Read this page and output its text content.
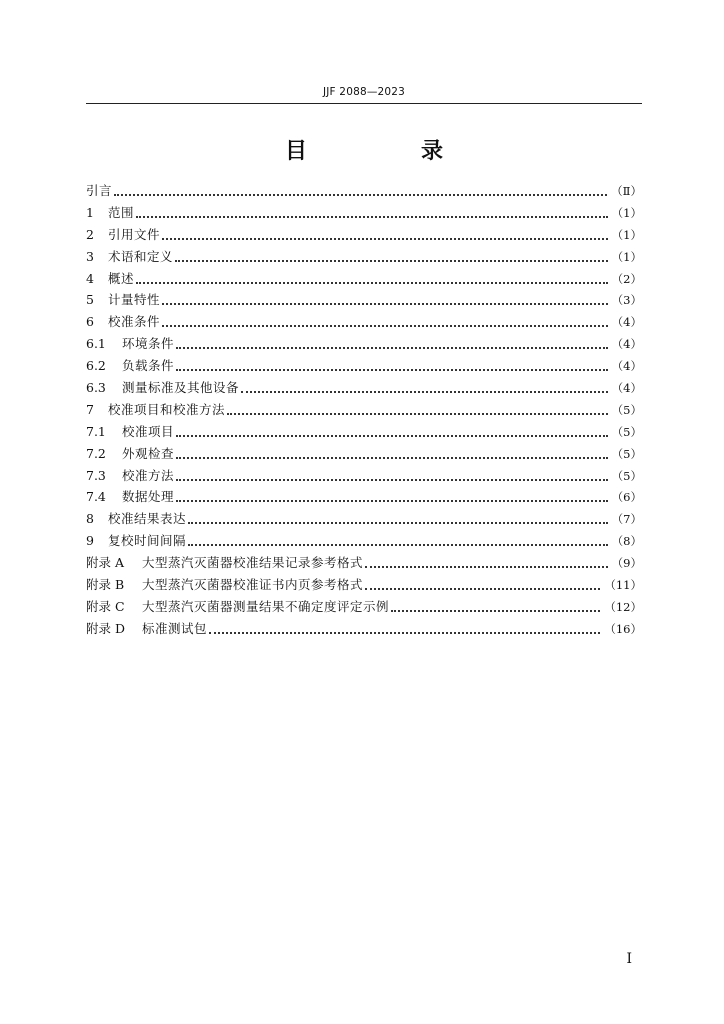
JJF 2088—2023
目　录
引言	（Ⅱ）
1	范围	（1）
2	引用文件	（1）
3	术语和定义	（1）
4	概述	（2）
5	计量特性	（3）
6	校准条件	（4）
6.1	环境条件	（4）
6.2	负载条件	（4）
6.3	测量标准及其他设备	（4）
7	校准项目和校准方法	（5）
7.1	校准项目	（5）
7.2	外观检查	（5）
7.3	校准方法	（5）
7.4	数据处理	（6）
8	校准结果表达	（7）
9	复校时间间隔	（8）
附录 A	大型蒸汽灭菌器校准结果记录参考格式	（9）
附录 B	大型蒸汽灭菌器校准证书内页参考格式	（11）
附录 C	大型蒸汽灭菌器测量结果不确定度评定示例	（12）
附录 D	标准测试包	（16）
Ⅰ
